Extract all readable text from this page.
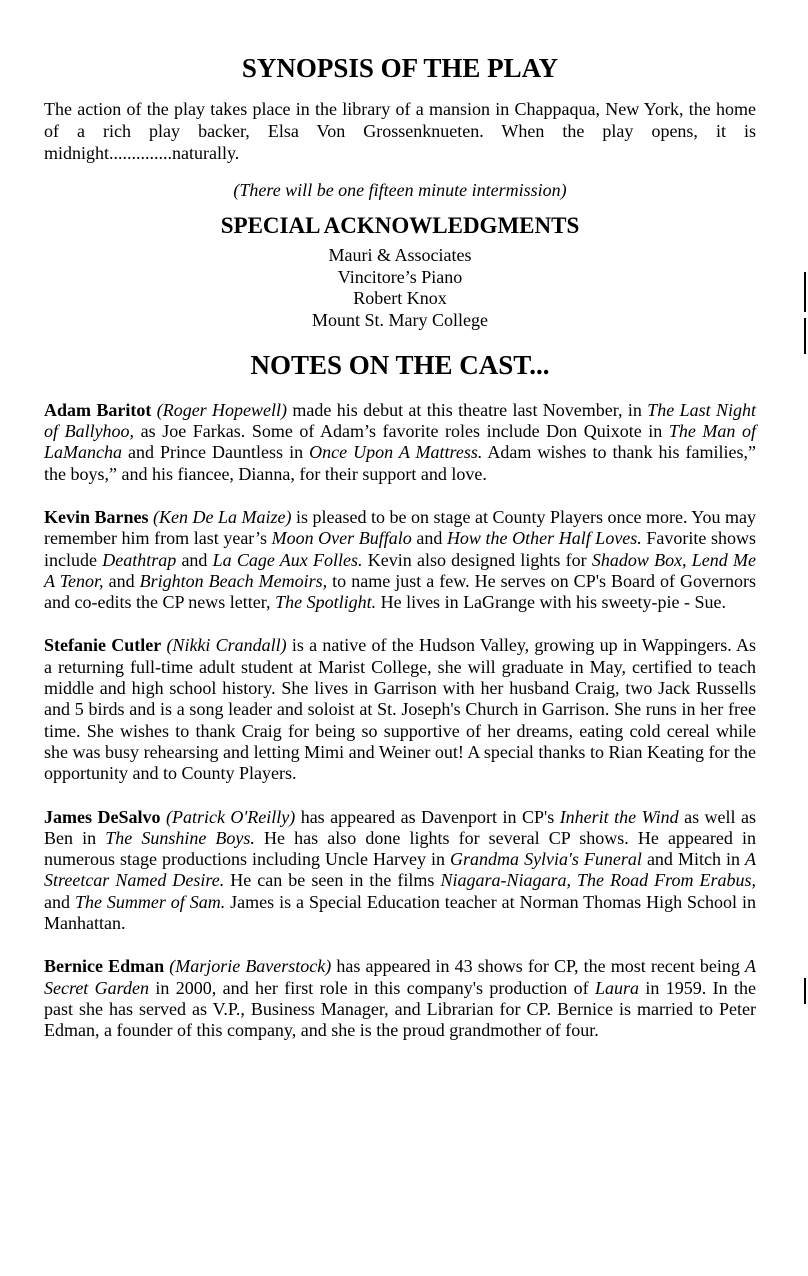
SYNOPSIS OF THE PLAY

The action of the play takes place in the library of a mansion in Chappaqua, New York, the home of a rich play backer, Elsa Von Grossenknueten. When the play opens, it is midnight..............naturally.

(There will be one fifteen minute intermission)

SPECIAL ACKNOWLEDGMENTS
Mauri & Associates
Vincitore’s Piano
Robert Knox
Mount St. Mary College
NOTES ON THE CAST...

Adam Baritot (Roger Hopewell) made his debut at this theatre last November, in The Last Night of Ballyhoo, as Joe Farkas. Some of Adam’s favorite roles include Don Quixote in The Man of LaMancha and Prince Dauntless in Once Upon A Mattress. Adam wishes to thank his families,” the boys,” and his fiancee, Dianna, for their support and love.

Kevin Barnes (Ken De La Maize) is pleased to be on stage at County Players once more. You may remember him from last year’s Moon Over Buffalo and How the Other Half Loves. Favorite shows include Deathtrap and La Cage Aux Folles. Kevin also designed lights for Shadow Box, Lend Me A Tenor, and Brighton Beach Memoirs, to name just a few. He serves on CP's Board of Governors and co-edits the CP news letter, The Spotlight. He lives in LaGrange with his sweety-pie - Sue.

Stefanie Cutler (Nikki Crandall) is a native of the Hudson Valley, growing up in Wappingers. As a returning full-time adult student at Marist College, she will graduate in May, certified to teach middle and high school history. She lives in Garrison with her husband Craig, two Jack Russells and 5 birds and is a song leader and soloist at St. Joseph's Church in Garrison. She runs in her free time. She wishes to thank Craig for being so supportive of her dreams, eating cold cereal while she was busy rehearsing and letting Mimi and Weiner out! A special thanks to Rian Keating for the opportunity and to County Players.

James DeSalvo (Patrick O'Reilly) has appeared as Davenport in CP's Inherit the Wind as well as Ben in The Sunshine Boys. He has also done lights for several CP shows. He appeared in numerous stage productions including Uncle Harvey in Grandma Sylvia's Funeral and Mitch in A Streetcar Named Desire. He can be seen in the films Niagara-Niagara, The Road From Erabus, and The Summer of Sam. James is a Special Education teacher at Norman Thomas High School in Manhattan.

Bernice Edman (Marjorie Baverstock) has appeared in 43 shows for CP, the most recent being A Secret Garden in 2000, and her first role in this company's production of Laura in 1959. In the past she has served as V.P., Business Manager, and Librarian for CP. Bernice is married to Peter Edman, a founder of this company, and she is the proud grandmother of four.
